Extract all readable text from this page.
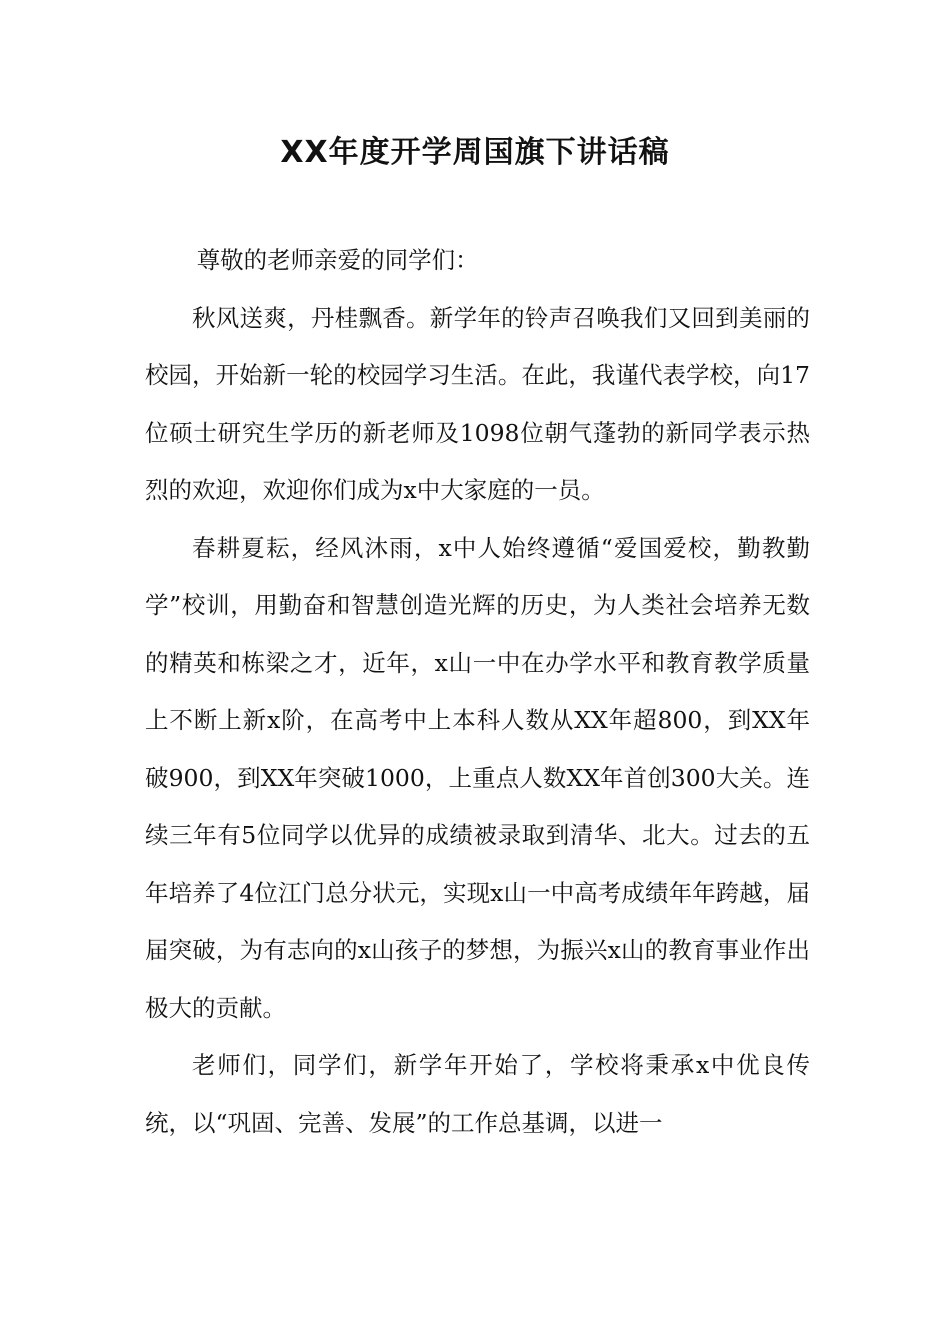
XX年度开学周国旗下讲话稿

尊敬的老师亲爱的同学们：

秋风送爽，丹桂飘香。新学年的铃声召唤我们又回到美丽的校园，开始新一轮的校园学习生活。在此，我谨代表学校，向17位硕士研究生学历的新老师及1098位朝气蓬勃的新同学表示热烈的欢迎，欢迎你们成为x中大家庭的一员。

春耕夏耘，经风沐雨，x中人始终遵循“爱国爱校，勤教勤学”校训，用勤奋和智慧创造光辉的历史，为人类社会培养无数的精英和栋梁之才，近年，x山一中在办学水平和教育教学质量上不断上新x阶，在高考中上本科人数从XX年超800，到XX年破900，到XX年突破1000，上重点人数XX年首创300大关。连续三年有5位同学以优异的成绩被录取到清华、北大。过去的五年培养了4位江门总分状元，实现x山一中高考成绩年年跨越，届届突破，为有志向的x山孩子的梦想，为振兴x山的教育事业作出极大的贡献。

老师们，同学们，新学年开始了，学校将秉承x中优良传统，以“巩固、完善、发展”的工作总基调，以进一
